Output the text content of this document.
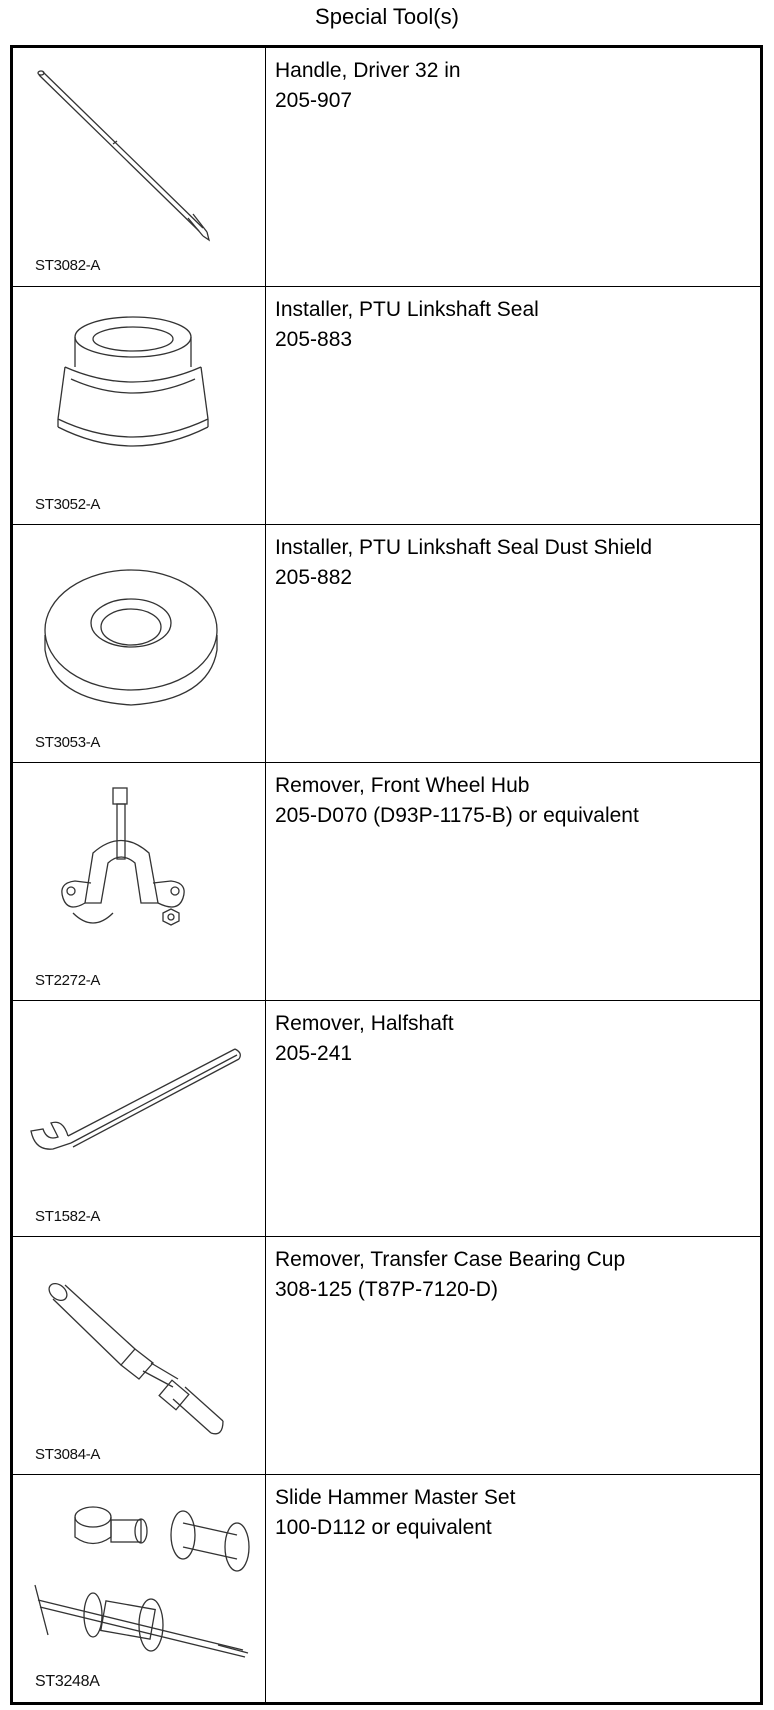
Special Tool(s)
ST3082-A
Handle, Driver 32 in
205-907
ST3052-A
Installer, PTU Linkshaft Seal
205-883
ST3053-A
Installer, PTU Linkshaft Seal Dust Shield
205-882
ST2272-A
Remover, Front Wheel Hub
205-D070 (D93P-1175-B) or equivalent
ST1582-A
Remover, Halfshaft
205-241
ST3084-A
Remover, Transfer Case Bearing Cup
308-125 (T87P-7120-D)
ST3248A
Slide Hammer Master Set
100-D112 or equivalent
